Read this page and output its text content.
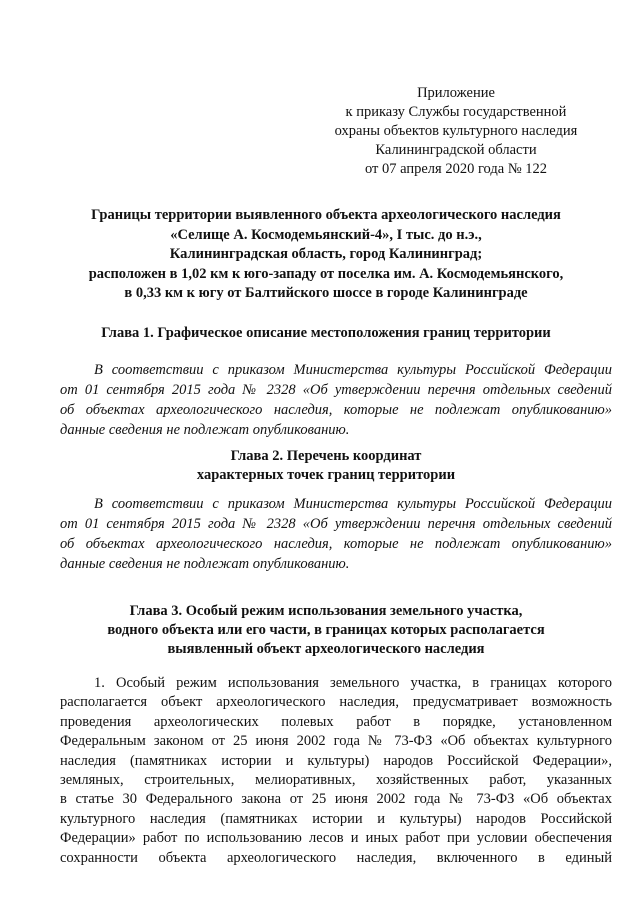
Приложение
к приказу Службы государственной
охраны объектов культурного наследия
Калининградской области
от 07 апреля 2020 года № 122
Границы территории выявленного объекта археологического наследия
«Селище А. Космодемьянский-4», I тыс. до н.э.,
Калининградская область, город Калининград;
расположен в 1,02 км к юго-западу от поселка им. А. Космодемьянского,
в 0,33 км к югу от Балтийского шоссе в городе Калининграде
Глава 1. Графическое описание местоположения границ территории
В соответствии с приказом Министерства культуры Российской Федерации
от 01 сентября 2015 года № 2328 «Об утверждении перечня отдельных сведений
об объектах археологического наследия, которые не подлежат опубликованию»
данные сведения не подлежат опубликованию.
Глава 2. Перечень координат
характерных точек границ территории
В соответствии с приказом Министерства культуры Российской Федерации
от 01 сентября 2015 года № 2328 «Об утверждении перечня отдельных сведений
об объектах археологического наследия, которые не подлежат опубликованию»
данные сведения не подлежат опубликованию.
Глава 3. Особый режим использования земельного участка,
водного объекта или его части, в границах которых располагается
выявленный объект археологического наследия
1. Особый режим использования земельного участка, в границах которого
располагается объект археологического наследия, предусматривает возможность
проведения археологических полевых работ в порядке, установленном
Федеральным законом от 25 июня 2002 года № 73-ФЗ «Об объектах культурного
наследия (памятниках истории и культуры) народов Российской Федерации»,
земляных, строительных, мелиоративных, хозяйственных работ, указанных
в статье 30 Федерального закона от 25 июня 2002 года № 73-ФЗ «Об объектах
культурного наследия (памятниках истории и культуры) народов Российской
Федерации» работ по использованию лесов и иных работ при условии обеспечения
сохранности объекта археологического наследия, включенного в единый
